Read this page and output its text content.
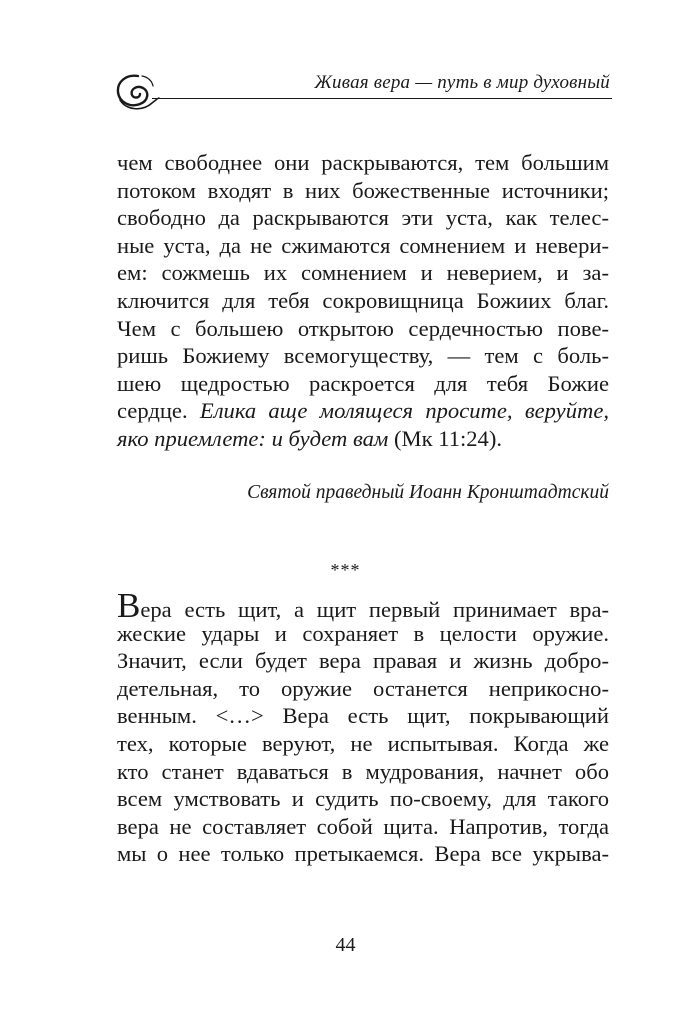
Живая вера — путь в мир духовный
чем свободнее они раскрываются, тем большим
потоком входят в них божественные источники;
свободно да раскрываются эти уста, как телес-
ные уста, да не сжимаются сомнением и невери-
ем: сожмешь их сомнением и неверием, и за-
ключится для тебя сокровищница Божиих благ.
Чем с большею открытою сердечностью пове-
ришь Божиему всемогуществу, — тем с боль-
шею щедростью раскроется для тебя Божие
сердце. Елика аще молящеся просите, веруйте,
яко приемлете: и будет вам (Мк 11:24).
Святой праведный Иоанн Кронштадтский
***
Вера есть щит, а щит первый принимает вра-
жеские удары и сохраняет в целости оружие.
Значит, если будет вера правая и жизнь добро-
детельная, то оружие останется неприкосно-
венным. <…> Вера есть щит, покрывающий
тех, которые веруют, не испытывая. Когда же
кто станет вдаваться в мудрования, начнет обо
всем умствовать и судить по-своему, для такого
вера не составляет собой щита. Напротив, тогда
мы о нее только претыкаемся. Вера все укрыва-
44
